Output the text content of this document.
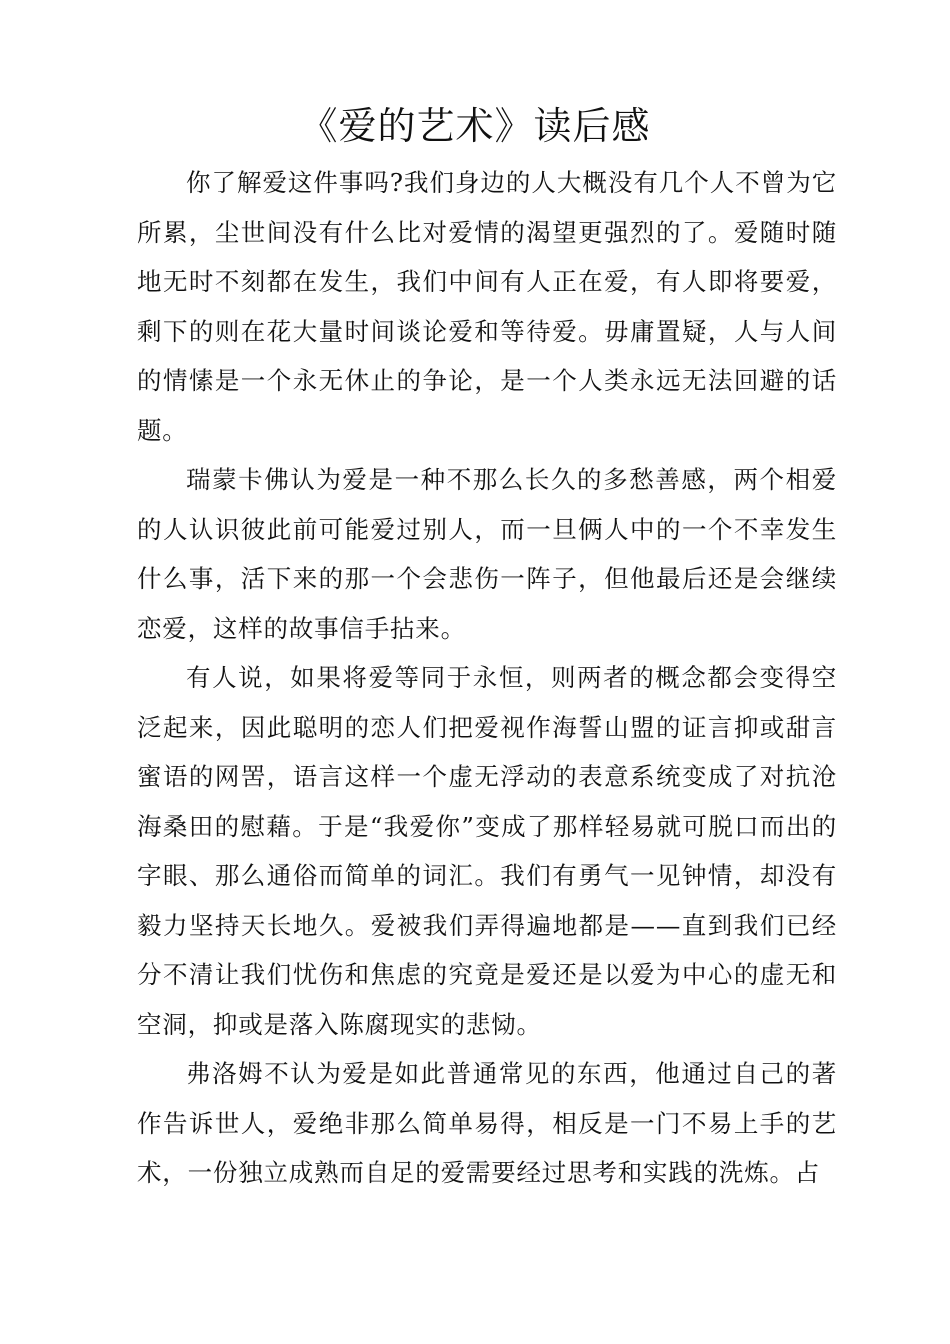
《爱的艺术》读后感

你了解爱这件事吗?我们身边的人大概没有几个人不曾为它所累，尘世间没有什么比对爱情的渴望更强烈的了。爱随时随地无时不刻都在发生，我们中间有人正在爱，有人即将要爱，剩下的则在花大量时间谈论爱和等待爱。毋庸置疑，人与人间的情愫是一个永无休止的争论，是一个人类永远无法回避的话题。

瑞蒙卡佛认为爱是一种不那么长久的多愁善感，两个相爱的人认识彼此前可能爱过别人，而一旦俩人中的一个不幸发生什么事，活下来的那一个会悲伤一阵子，但他最后还是会继续恋爱，这样的故事信手拈来。

有人说，如果将爱等同于永恒，则两者的概念都会变得空泛起来，因此聪明的恋人们把爱视作海誓山盟的证言抑或甜言蜜语的网罟，语言这样一个虚无浮动的表意系统变成了对抗沧海桑田的慰藉。于是“我爱你”变成了那样轻易就可脱口而出的字眼、那么通俗而简单的词汇。我们有勇气一见钟情，却没有毅力坚持天长地久。爱被我们弄得遍地都是——直到我们已经分不清让我们忧伤和焦虑的究竟是爱还是以爱为中心的虚无和空洞，抑或是落入陈腐现实的悲恸。

弗洛姆不认为爱是如此普通常见的东西，他通过自己的著作告诉世人，爱绝非那么简单易得，相反是一门不易上手的艺术，一份独立成熟而自足的爱需要经过思考和实践的洗炼。占
